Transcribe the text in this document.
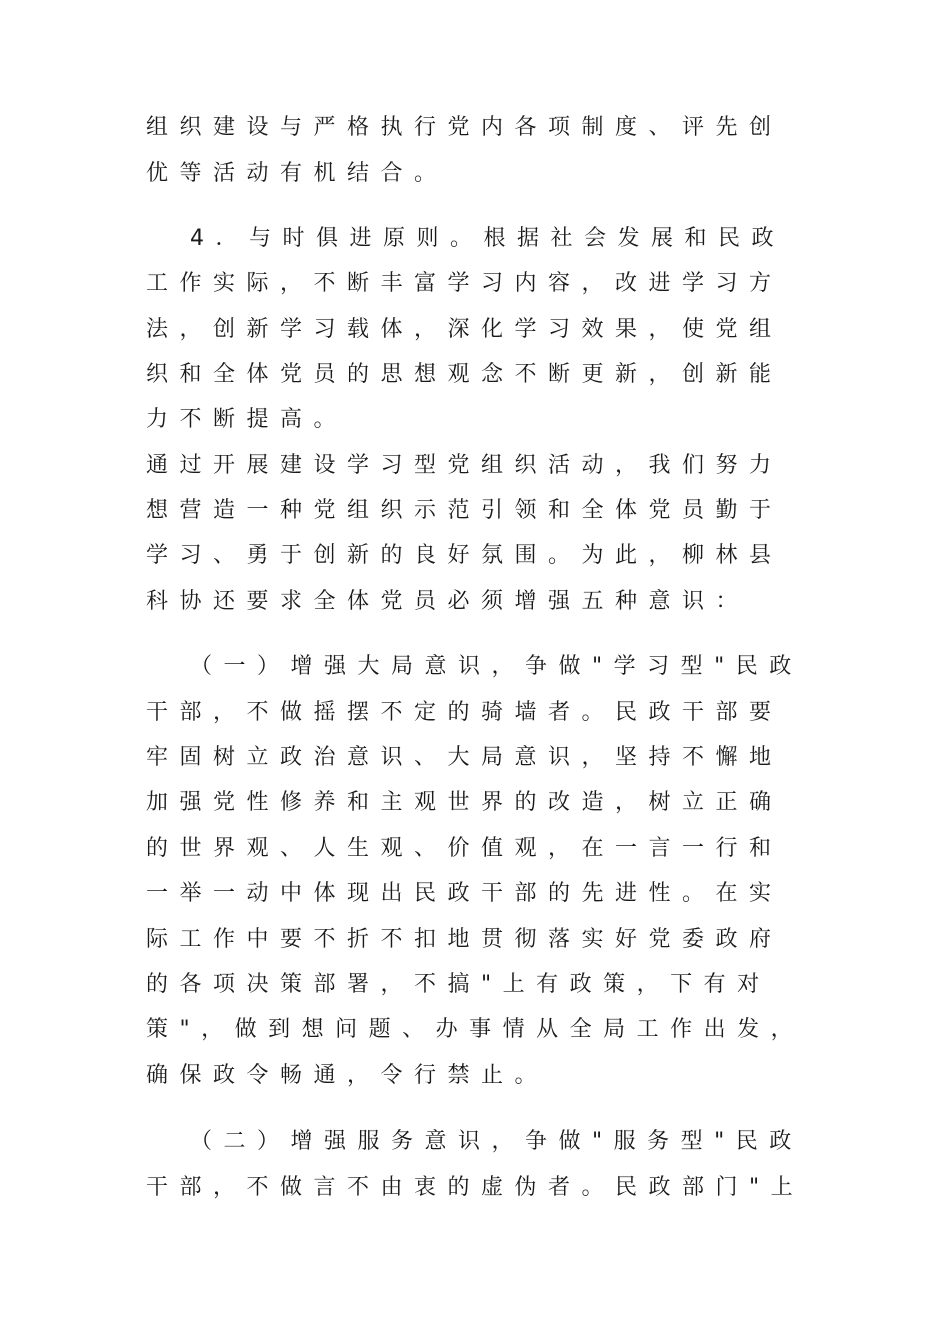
组织建设与严格执行党内各项制度、评先创
优等活动有机结合。
4．与时俱进原则。根据社会发展和民政
工作实际，不断丰富学习内容，改进学习方
法，创新学习载体，深化学习效果，使党组
织和全体党员的思想观念不断更新，创新能
力不断提高。
通过开展建设学习型党组织活动，我们努力
想营造一种党组织示范引领和全体党员勤于
学习、勇于创新的良好氛围。为此，柳林县
科协还要求全体党员必须增强五种意识：
（一）增强大局意识，争做"学习型"民政
干部，不做摇摆不定的骑墙者。民政干部要
牢固树立政治意识、大局意识，坚持不懈地
加强党性修养和主观世界的改造，树立正确
的世界观、人生观、价值观，在一言一行和
一举一动中体现出民政干部的先进性。在实
际工作中要不折不扣地贯彻落实好党委政府
的各项决策部署，不搞"上有政策，下有对
策"，做到想问题、办事情从全局工作出发，
确保政令畅通，令行禁止。
（二）增强服务意识，争做"服务型"民政
干部，不做言不由衷的虚伪者。民政部门"上
